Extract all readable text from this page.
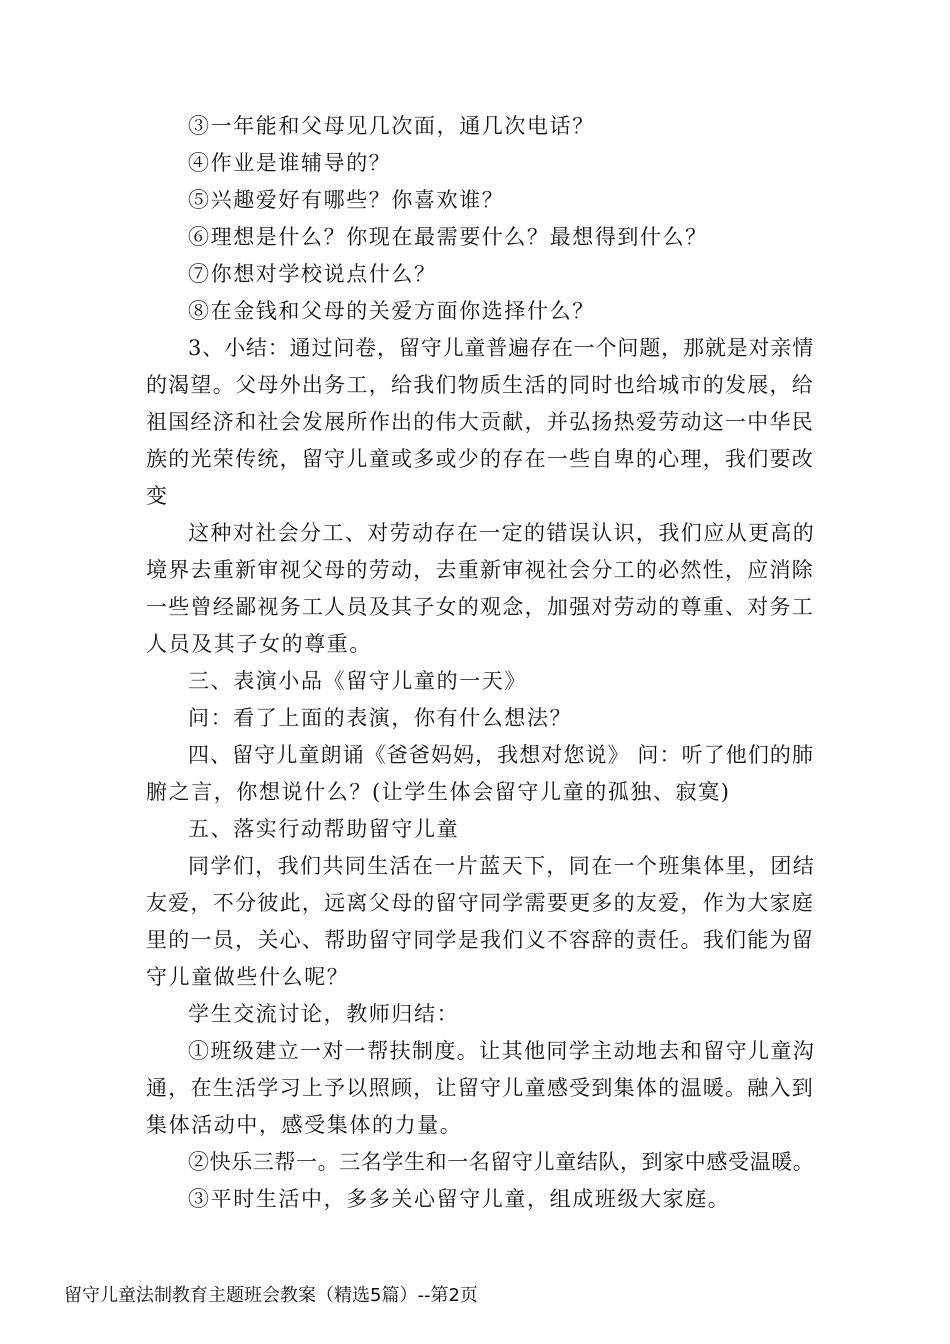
③一年能和父母见几次面，通几次电话？
④作业是谁辅导的？
⑤兴趣爱好有哪些？你喜欢谁？
⑥理想是什么？你现在最需要什么？最想得到什么？
⑦你想对学校说点什么？
⑧在金钱和父母的关爱方面你选择什么？
3、小结：通过问卷，留守儿童普遍存在一个问题，那就是对亲情
的渴望。父母外出务工，给我们物质生活的同时也给城市的发展，给
祖国经济和社会发展所作出的伟大贡献，并弘扬热爱劳动这一中华民
族的光荣传统，留守儿童或多或少的存在一些自卑的心理，我们要改
变
这种对社会分工、对劳动存在一定的错误认识，我们应从更高的
境界去重新审视父母的劳动，去重新审视社会分工的必然性，应消除
一些曾经鄙视务工人员及其子女的观念，加强对劳动的尊重、对务工
人员及其子女的尊重。
三、表演小品《留守儿童的一天》
问：看了上面的表演，你有什么想法？
四、留守儿童朗诵《爸爸妈妈，我想对您说》 问：听了他们的肺
腑之言，你想说什么？(让学生体会留守儿童的孤独、寂寞)
五、落实行动帮助留守儿童
同学们，我们共同生活在一片蓝天下，同在一个班集体里，团结
友爱，不分彼此，远离父母的留守同学需要更多的友爱，作为大家庭
里的一员，关心、帮助留守同学是我们义不容辞的责任。我们能为留
守儿童做些什么呢？
学生交流讨论，教师归结：
①班级建立一对一帮扶制度。让其他同学主动地去和留守儿童沟
通，在生活学习上予以照顾，让留守儿童感受到集体的温暖。融入到
集体活动中，感受集体的力量。
②快乐三帮一。三名学生和一名留守儿童结队，到家中感受温暖。
③平时生活中，多多关心留守儿童，组成班级大家庭。
留守儿童法制教育主题班会教案（精选5篇）--第2页
